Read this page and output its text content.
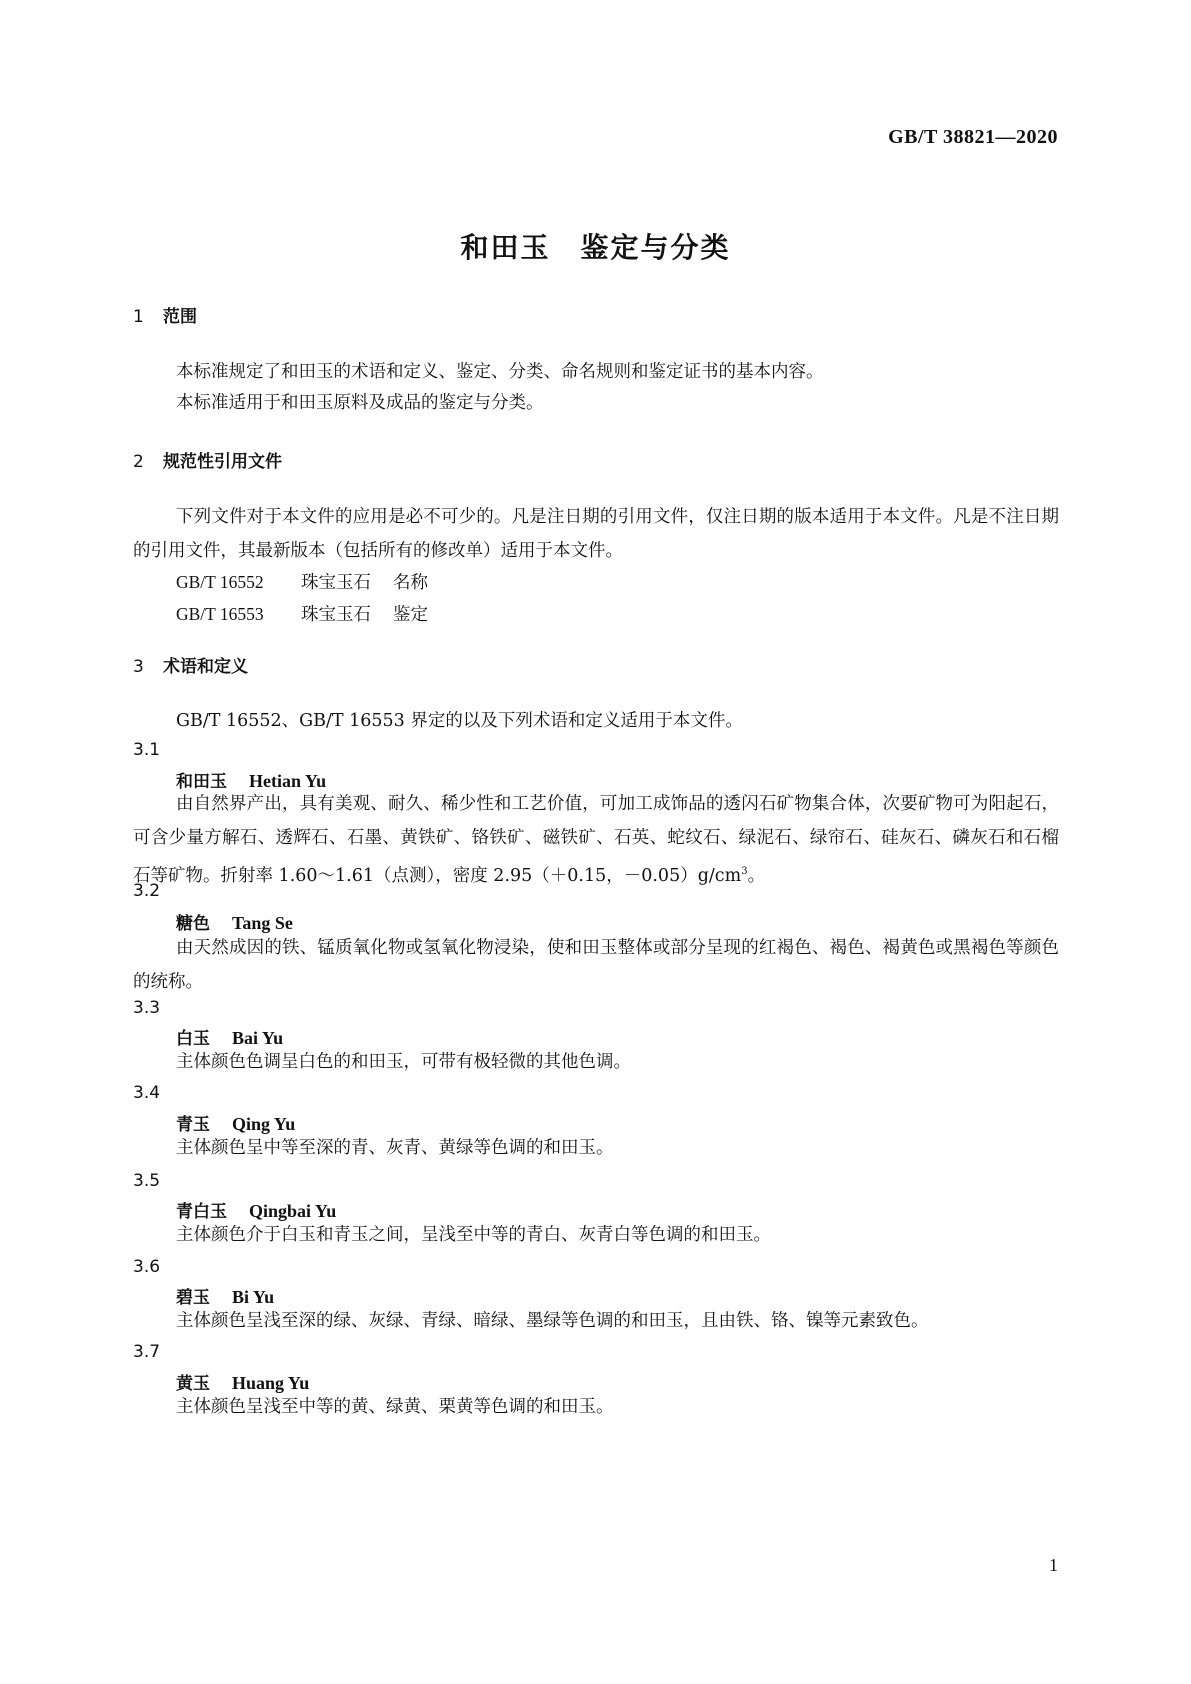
GB/T 38821—2020
和田玉　鉴定与分类
1 范围
本标准规定了和田玉的术语和定义、鉴定、分类、命名规则和鉴定证书的基本内容。
本标准适用于和田玉原料及成品的鉴定与分类。
2 规范性引用文件
下列文件对于本文件的应用是必不可少的。凡是注日期的引用文件，仅注日期的版本适用于本文件。凡是不注日期的引用文件，其最新版本（包括所有的修改单）适用于本文件。
GB/T 16552 珠宝玉石 名称
GB/T 16553 珠宝玉石 鉴定
3 术语和定义
GB/T 16552、GB/T 16553 界定的以及下列术语和定义适用于本文件。
3.1
和田玉 Hetian Yu
由自然界产出，具有美观、耐久、稀少性和工艺价值，可加工成饰品的透闪石矿物集合体，次要矿物可为阳起石，可含少量方解石、透辉石、石墨、黄铁矿、铬铁矿、磁铁矿、石英、蛇纹石、绿泥石、绿帘石、硅灰石、磷灰石和石榴石等矿物。折射率 1.60～1.61（点测），密度 2.95（＋0.15，$-0.05)g/cm^3$。
3.2
糖色 Tang Se
由天然成因的铁、锰质氧化物或氢氧化物浸染，使和田玉整体或部分呈现的红褐色、褐色、褐黄色或黑褐色等颜色的统称。
3.3
白玉 Bai Yu
主体颜色色调呈白色的和田玉，可带有极轻微的其他色调。
3.4
青玉 Qing Yu
主体颜色呈中等至深的青、灰青、黄绿等色调的和田玉。
3.5
青白玉 Qingbai Yu
主体颜色介于白玉和青玉之间，呈浅至中等的青白、灰青白等色调的和田玉。
3.6
碧玉 Bi Yu
主体颜色呈浅至深的绿、灰绿、青绿、暗绿、墨绿等色调的和田玉，且由铁、铬、镍等元素致色。
3.7
黄玉 Huang Yu
主体颜色呈浅至中等的黄、绿黄、栗黄等色调的和田玉。
1
